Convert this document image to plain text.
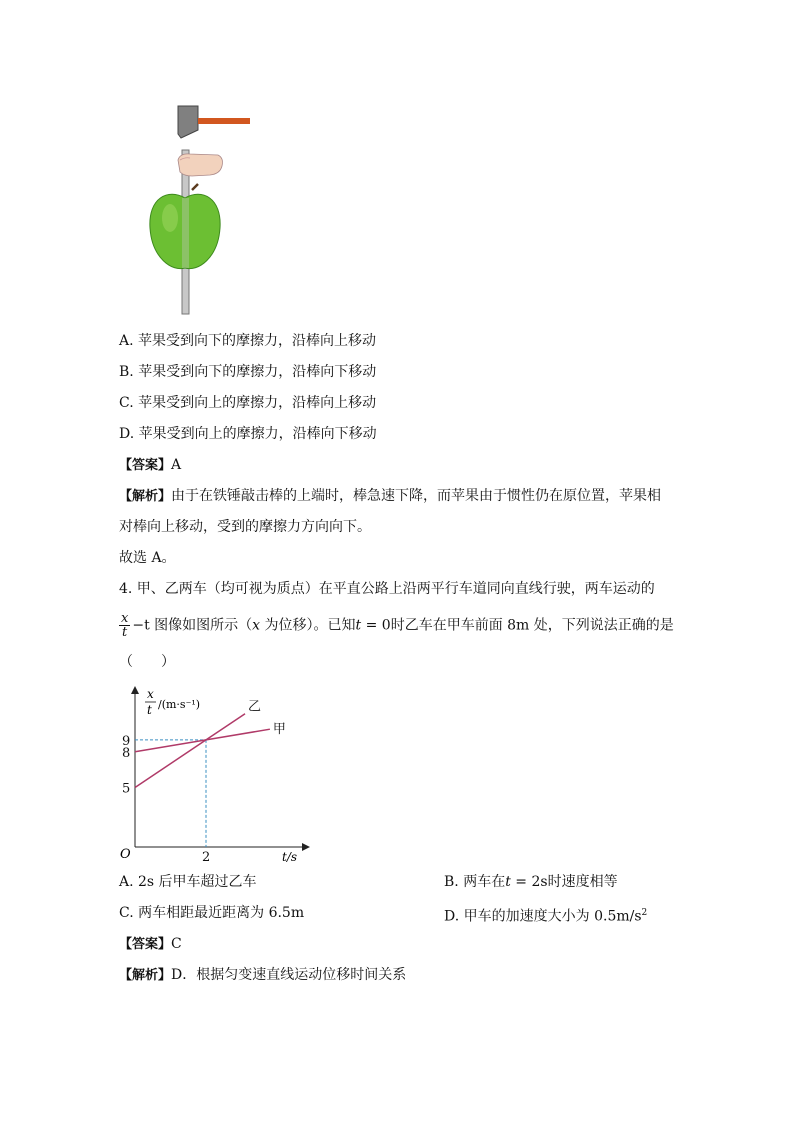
A. 苹果受到向下的摩擦力，沿棒向上移动
B. 苹果受到向下的摩擦力，沿棒向下移动
C. 苹果受到向上的摩擦力，沿棒向上移动
D. 苹果受到向上的摩擦力，沿棒向下移动
【答案】A
【解析】由于在铁锤敲击棒的上端时，棒急速下降，而苹果由于惯性仍在原位置，苹果相
对棒向上移动，受到的摩擦力方向向下。
故选 A。
4. 甲、乙两车（均可视为质点）在平直公路上沿两平行车道同向直线行驶，两车运动的
$\frac{x}{t} -t$ 图像如图所示（x 为位移）。已知t = 0时乙车在甲车前面 8m 处，下列说法正确的是
（　　）
x
t /(m·s⁻¹)
O	t/s
甲
乙
9
8
5
2
A. 2s 后甲车超过乙车	B. 两车在t = 2s时速度相等
C. 两车相距最近距离为 6.5m	D. 甲车的加速度大小为 $0.5m/s^2$
【答案】C
【解析】D．根据匀变速直线运动位移时间关系
